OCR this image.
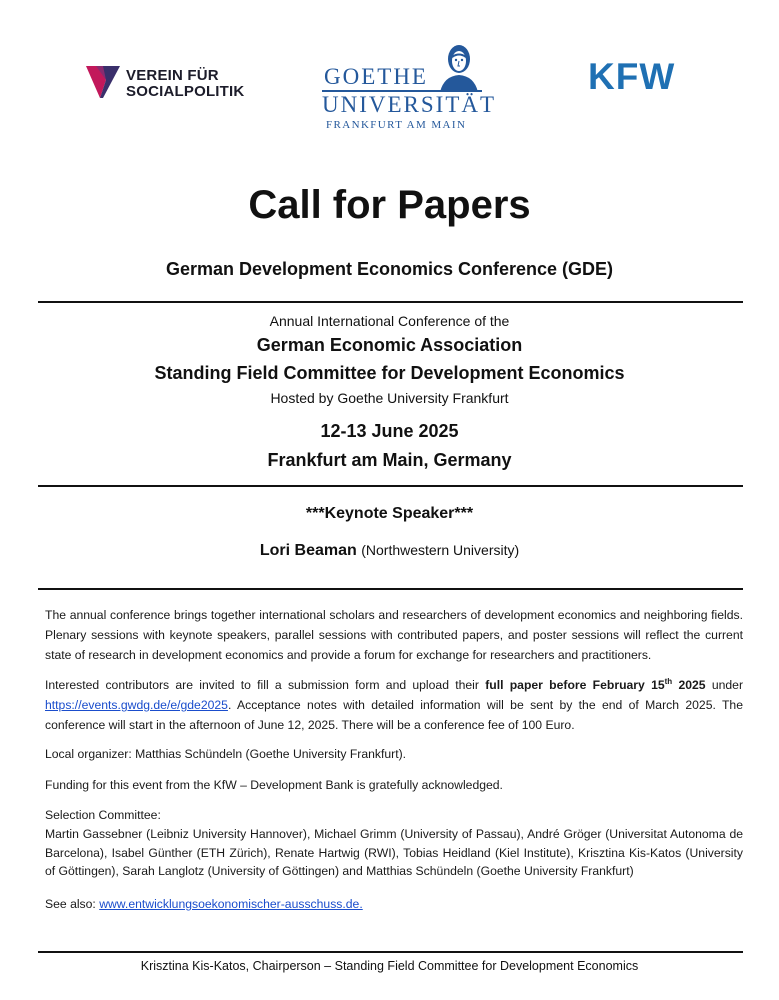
VEREIN FÜR
SOCIALPOLITIK
GOETHE
UNIVERSITÄT
FRANKFURT AM MAIN
KFW
Call for Papers
German Development Economics Conference (GDE)
Annual International Conference of the
German Economic Association
Standing Field Committee for Development Economics
Hosted by Goethe University Frankfurt
12-13 June 2025
Frankfurt am Main, Germany
***Keynote Speaker***
Lori Beaman (Northwestern University)
The annual conference brings together international scholars and researchers of development economics and neighboring fields. Plenary sessions with keynote speakers, parallel sessions with contributed papers, and poster sessions will reflect the current state of research in development economics and provide a forum for exchange for researchers and practitioners.
Interested contributors are invited to fill a submission form and upload their full paper before February 15th 2025 under https://events.gwdg.de/e/gde2025. Acceptance notes with detailed information will be sent by the end of March 2025. The conference will start in the afternoon of June 12, 2025. There will be a conference fee of 100 Euro.
Local organizer: Matthias Schündeln (Goethe University Frankfurt).
Funding for this event from the KfW – Development Bank is gratefully acknowledged.
Selection Committee:
Martin Gassebner (Leibniz University Hannover), Michael Grimm (University of Passau), André Gröger (Universitat Autonoma de Barcelona), Isabel Günther (ETH Zürich), Renate Hartwig (RWI), Tobias Heidland (Kiel Institute), Krisztina Kis-Katos (University of Göttingen), Sarah Langlotz (University of Göttingen) and Matthias Schündeln (Goethe University Frankfurt)
See also: www.entwicklungsoekonomischer-ausschuss.de.
Krisztina Kis-Katos, Chairperson – Standing Field Committee for Development Economics
